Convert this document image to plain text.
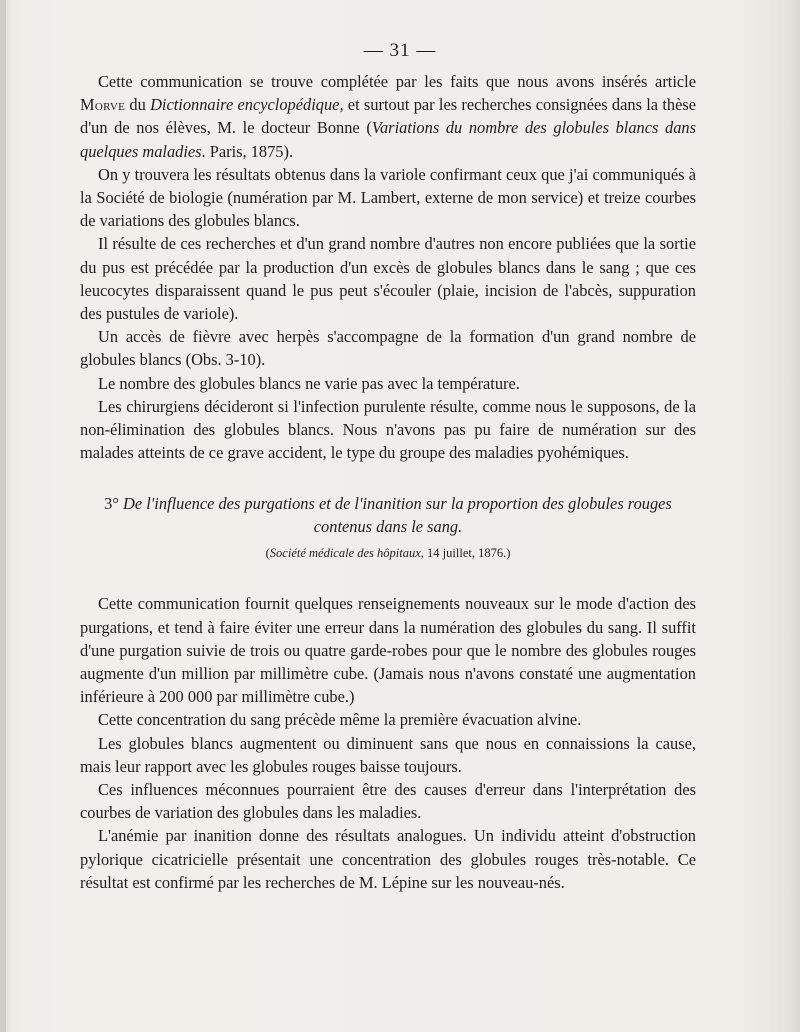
— 31 —

Cette communication se trouve complétée par les faits que nous avons insérés article Morve du Dictionnaire encyclopédique, et surtout par les recherches consignées dans la thèse d'un de nos élèves, M. le docteur Bonne (Variations du nombre des globules blancs dans quelques maladies. Paris, 1875).

On y trouvera les résultats obtenus dans la variole confirmant ceux que j'ai communiqués à la Société de biologie (numération par M. Lambert, externe de mon service) et treize courbes de variations des globules blancs.

Il résulte de ces recherches et d'un grand nombre d'autres non encore publiées que la sortie du pus est précédée par la production d'un excès de globules blancs dans le sang ; que ces leucocytes disparaissent quand le pus peut s'écouler (plaie, incision de l'abcès, suppuration des pustules de variole).

Un accès de fièvre avec herpès s'accompagne de la formation d'un grand nombre de globules blancs (Obs. 3-10).

Le nombre des globules blancs ne varie pas avec la température.

Les chirurgiens décideront si l'infection purulente résulte, comme nous le supposons, de la non-élimination des globules blancs. Nous n'avons pas pu faire de numération sur des malades atteints de ce grave accident, le type du groupe des maladies pyohémiques.

3° De l'influence des purgations et de l'inanition sur la proportion des globules rouges contenus dans le sang.
(Société médicale des hôpitaux, 14 juillet, 1876.)

Cette communication fournit quelques renseignements nouveaux sur le mode d'action des purgations, et tend à faire éviter une erreur dans la numération des globules du sang. Il suffit d'une purgation suivie de trois ou quatre garde-robes pour que le nombre des globules rouges augmente d'un million par millimètre cube. (Jamais nous n'avons constaté une augmentation inférieure à 200 000 par millimètre cube.)

Cette concentration du sang précède même la première évacuation alvine.

Les globules blancs augmentent ou diminuent sans que nous en connaissions la cause, mais leur rapport avec les globules rouges baisse toujours.

Ces influences méconnues pourraient être des causes d'erreur dans l'interprétation des courbes de variation des globules dans les maladies.

L'anémie par inanition donne des résultats analogues. Un individu atteint d'obstruction pylorique cicatricielle présentait une concentration des globules rouges très-notable. Ce résultat est confirmé par les recherches de M. Lépine sur les nouveau-nés.
